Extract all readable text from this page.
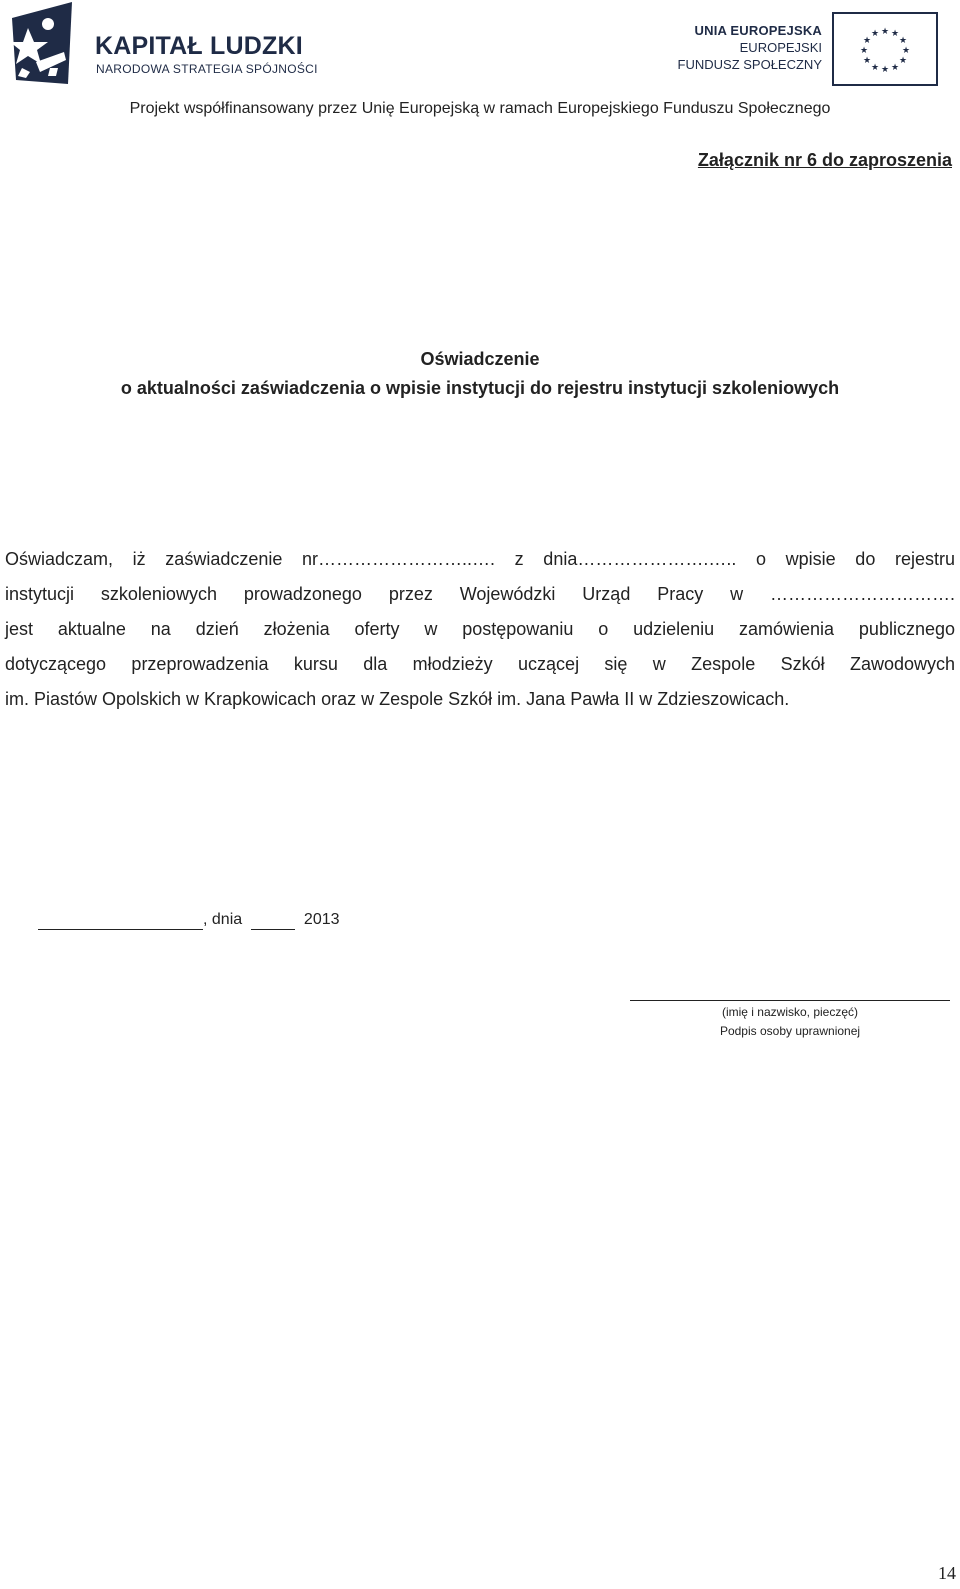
KAPITAŁ LUDZKI
NARODOWA STRATEGIA SPÓJNOŚCI
UNIA EUROPEJSKA
EUROPEJSKI
FUNDUSZ SPOŁECZNY
★ ★
★
★
★
★
★
★
★
★
★
★
Projekt współfinansowany przez Unię Europejską w ramach Europejskiego Funduszu Społecznego
Załącznik nr 6 do zaproszenia
Oświadczenie
o aktualności zaświadczenia o wpisie instytucji do rejestru instytucji szkoleniowych
Oświadczam, iż zaświadczenie nr……………………..…. z dnia………………….….. o wpisie do rejestru
instytucji szkoleniowych prowadzonego przez Wojewódzki Urząd Pracy w ………………………….
jest aktualne na dzień złożenia oferty w postępowaniu o udzieleniu zamówienia publicznego
dotyczącego przeprowadzenia kursu dla młodzieży uczącej się w Zespole Szkół Zawodowych
im. Piastów Opolskich w Krapkowicach oraz w Zespole Szkół im. Jana Pawła II w Zdzieszowicach.
, dnia	2013
(imię i nazwisko, pieczęć)
Podpis osoby uprawnionej
14
